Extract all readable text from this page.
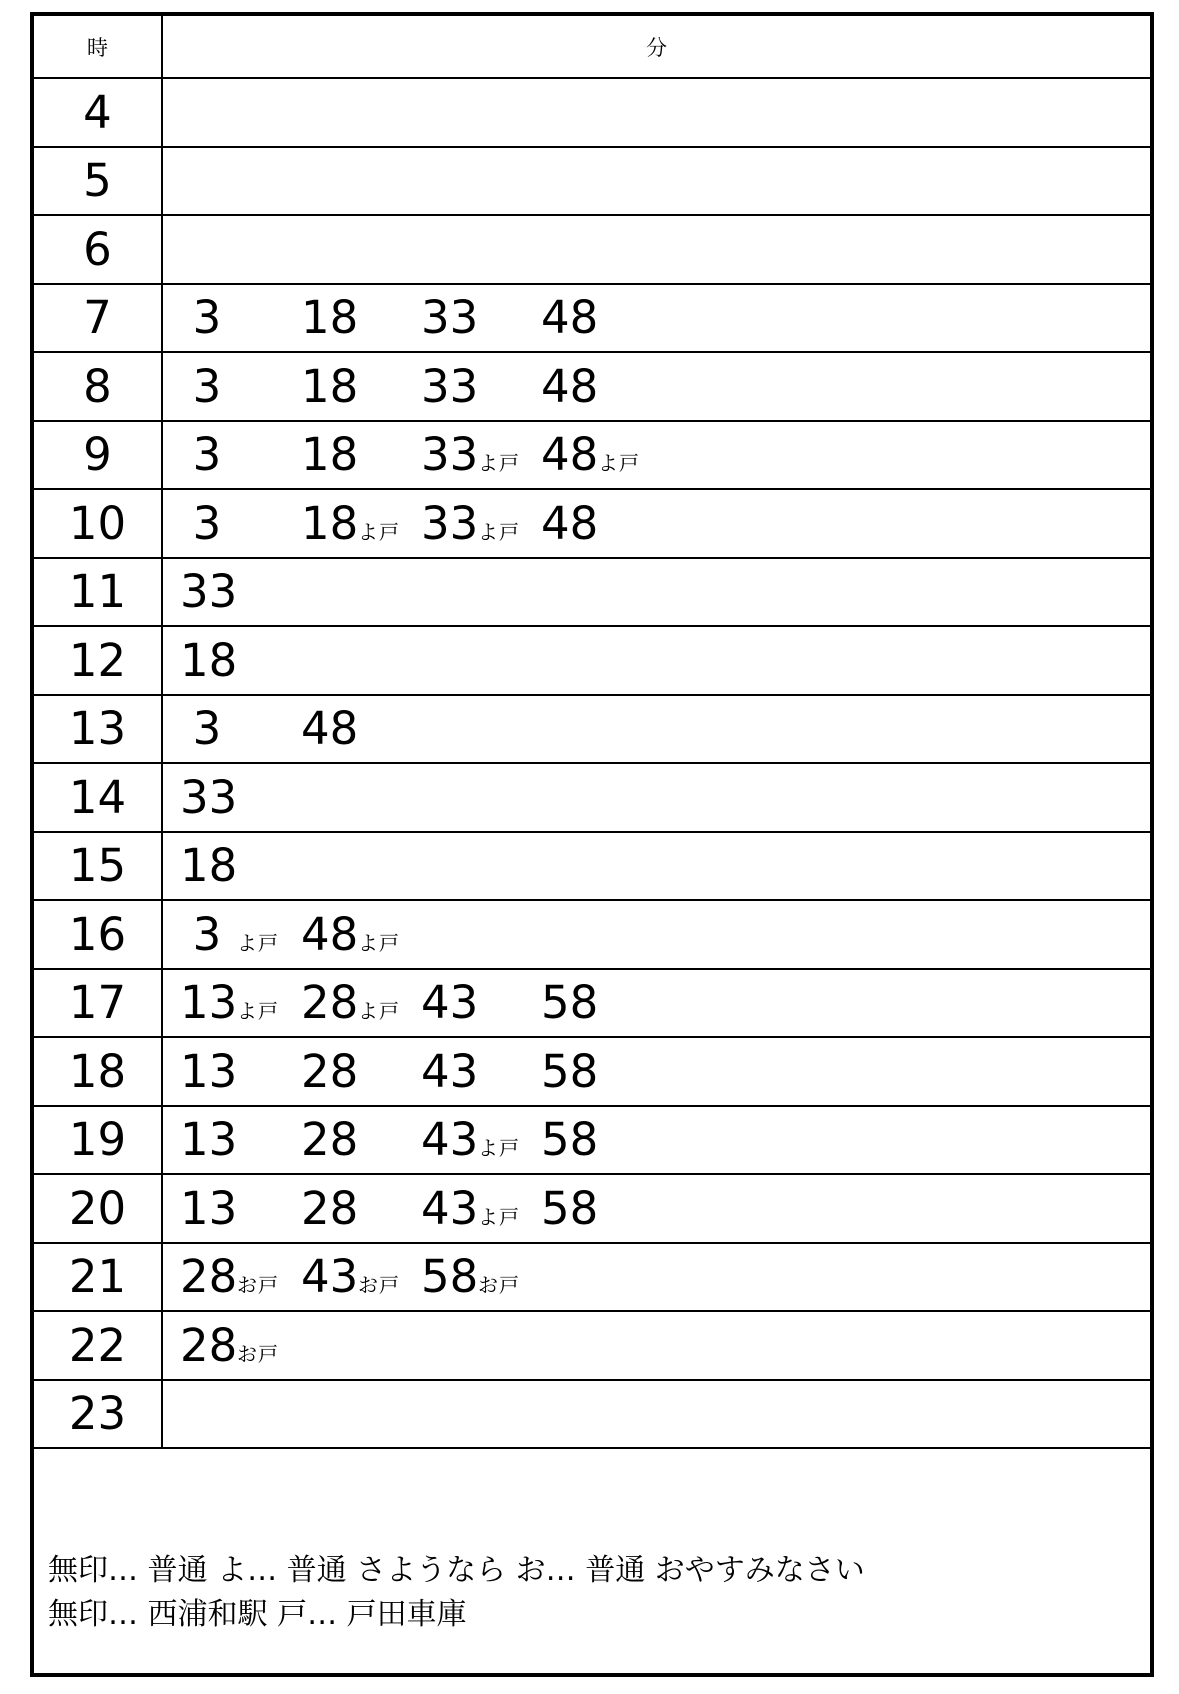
時	分
4
5
6
7 3 18 33 48
8 3 18 33 48
9 3 18 33 よ戸 48 よ戸
10 3 18 よ戸 33 よ戸 48
11 33
12 18
13 3 48
14 33
15 18
16 3 よ戸 48 よ戸
17 13 よ戸 28 よ戸 43 58
18 13 28 43 58
19 13 28 43 よ戸 58
20 13 28 43 よ戸 58
21 28 お戸 43 お戸 58 お戸
22 28 お戸
23
無印… 普通 よ… 普通 さようなら お… 普通 おやすみなさい
無印… 西浦和駅 戸… 戸田車庫
